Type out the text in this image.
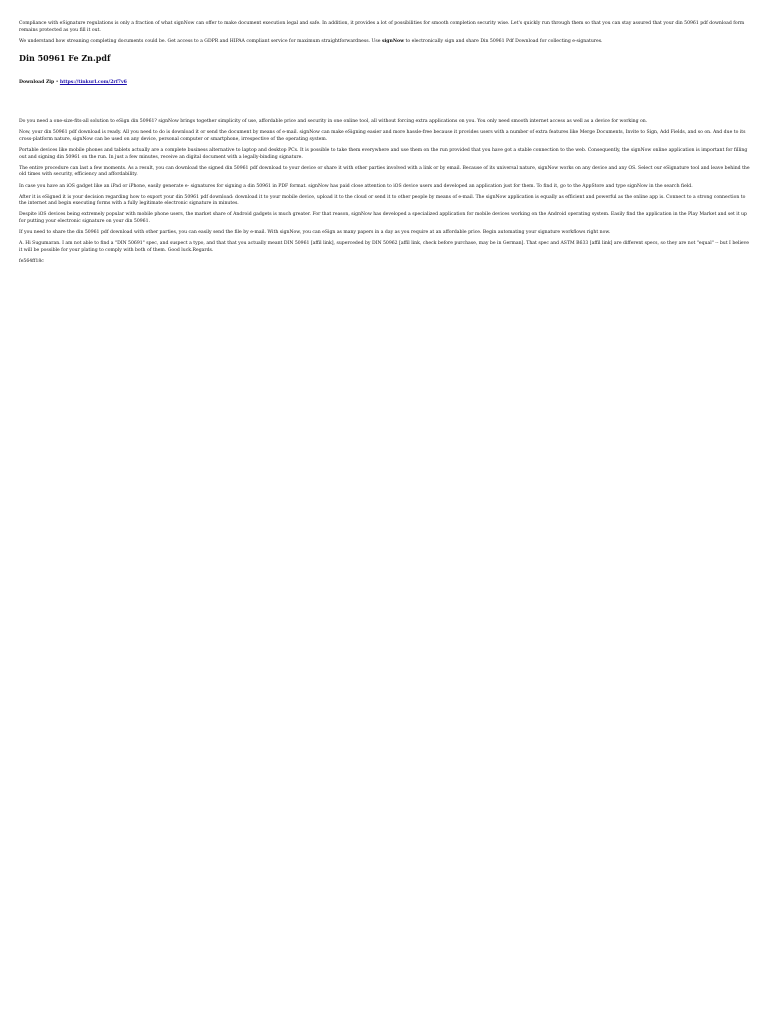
Compliance with eSignature regulations is only a fraction of what signNow can offer to make document execution legal and safe. In addition, it provides a lot of possibilities for smooth completion security wise. Let's quickly run through them so that you can stay assured that your din 50961 pdf download form remains protected as you fill it out.

We understand how streaning completing documents could be. Get access to a GDPR and HIPAA compliant service for maximum straightforwardness. Use signNow to electronically sign and share Din 50961 Pdf Download for collecting e-signatures.

Din 50961 Fe Zn.pdf
Download Zip • https://tinkurl.com/2rf7v6

Do you need a one-size-fits-all solution to eSign din 50961? signNow brings together simplicity of use, affordable price and security in one online tool, all without forcing extra applications on you. You only need smooth internet access as well as a device for working on.

Now, your din 50961 pdf download is ready. All you need to do is download it or send the document by means of e-mail. signNow can make eSigning easier and more hassle-free because it provides users with a number of extra features like Merge Documents, Invite to Sign, Add Fields, and so on. And due to its cross-platform nature, signNow can be used on any device, personal computer or smartphone, irrespective of the operating system.

Portable devices like mobile phones and tablets actually are a complete business alternative to laptop and desktop PCs. It is possible to take them everywhere and use them on the run provided that you have got a stable connection to the web. Consequently, the signNow online application is important for filling out and signing din 50961 on the run. In just a few minutes, receive an digital document with a legally-binding signature.

The entire procedure can last a few moments. As a result, you can download the signed din 50961 pdf download to your device or share it with other parties involved with a link or by email. Because of its universal nature, signNow works on any device and any OS. Select our eSignature tool and leave behind the old times with security, efficiency and affordability.

In case you have an iOS gadget like an iPad or iPhone, easily generate e- signatures for signing a din 50961 in PDF format. signNow has paid close attention to iOS device users and developed an application just for them. To find it, go to the AppStore and type signNow in the search field.

After it is eSigned it is your decision regarding how to export your din 50961 pdf download: download it to your mobile device, upload it to the cloud or send it to other people by means of e-mail. The signNow application is equally as efficient and powerful as the online app is. Connect to a strong connection to the internet and begin executing forms with a fully legitimate electronic signature in minutes.

Despite iOS devices being extremely popular with mobile phone users, the market share of Android gadgets is much greater. For that reason, signNow has developed a specialized application for mobile devices working on the Android operating system. Easily find the application in the Play Market and set it up for putting your electronic signature on your din 50961.

If you need to share the din 50961 pdf download with other parties, you can easily send the file by e-mail. With signNow, you can eSign as many papers in a day as you require at an affordable price. Begin automating your signature workflows right now.

A. Hi Sugumaran. I am not able to find a "DIN 50691" spec, and suspect a typo, and that that you actually meant DIN 50961 [affil link], superceded by DIN 50962 [affil link, check before purchase, may be in German]. That spec and ASTM B633 [affil link] are different specs, so they are not "equal" -- but I believe it will be possible for your plating to comply with both of them. Good luck.Regards.

fe564ff18c
